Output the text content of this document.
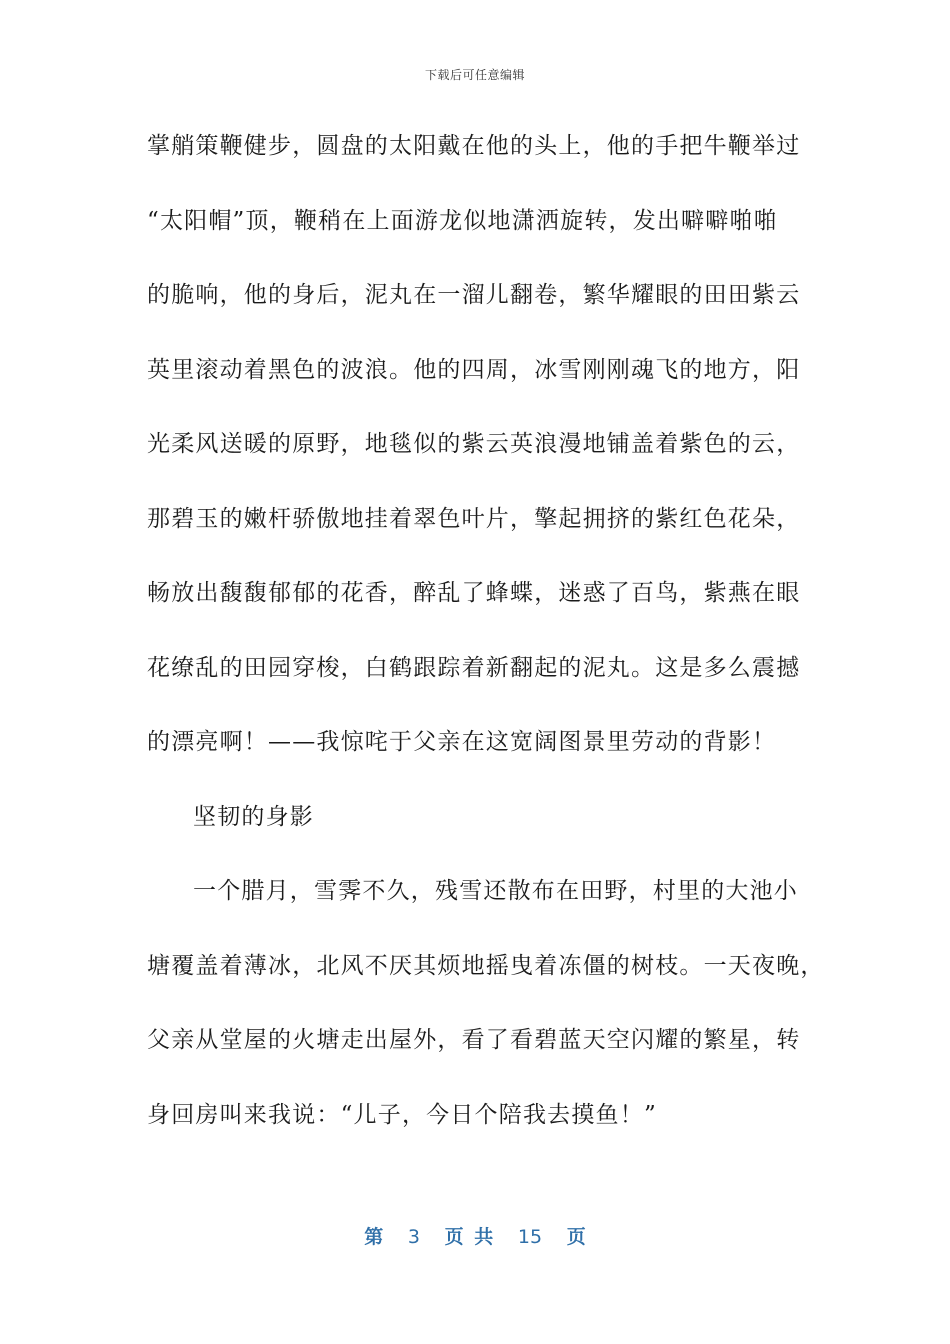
下载后可任意编辑
掌艄策鞭健步，圆盘的太阳戴在他的头上，他的手把牛鞭举过
“太阳帽”顶，鞭稍在上面游龙似地潇洒旋转，发出噼噼啪啪
的脆响，他的身后，泥丸在一溜儿翻卷，繁华耀眼的田田紫云
英里滚动着黑色的波浪。他的四周，冰雪刚刚魂飞的地方，阳
光柔风送暖的原野，地毯似的紫云英浪漫地铺盖着紫色的云，
那碧玉的嫩杆骄傲地挂着翠色叶片，擎起拥挤的紫红色花朵，
畅放出馥馥郁郁的花香，醉乱了蜂蝶，迷惑了百鸟，紫燕在眼
花缭乱的田园穿梭，白鹤跟踪着新翻起的泥丸。这是多么震撼
的漂亮啊！——我惊咤于父亲在这宽阔图景里劳动的背影！
坚韧的身影
一个腊月，雪霁不久，残雪还散布在田野，村里的大池小
塘覆盖着薄冰，北风不厌其烦地摇曳着冻僵的树枝。一天夜晚，
父亲从堂屋的火塘走出屋外，看了看碧蓝天空闪耀的繁星，转
身回房叫来我说：“儿子，今日个陪我去摸鱼！”
第 3 页 共 15 页
